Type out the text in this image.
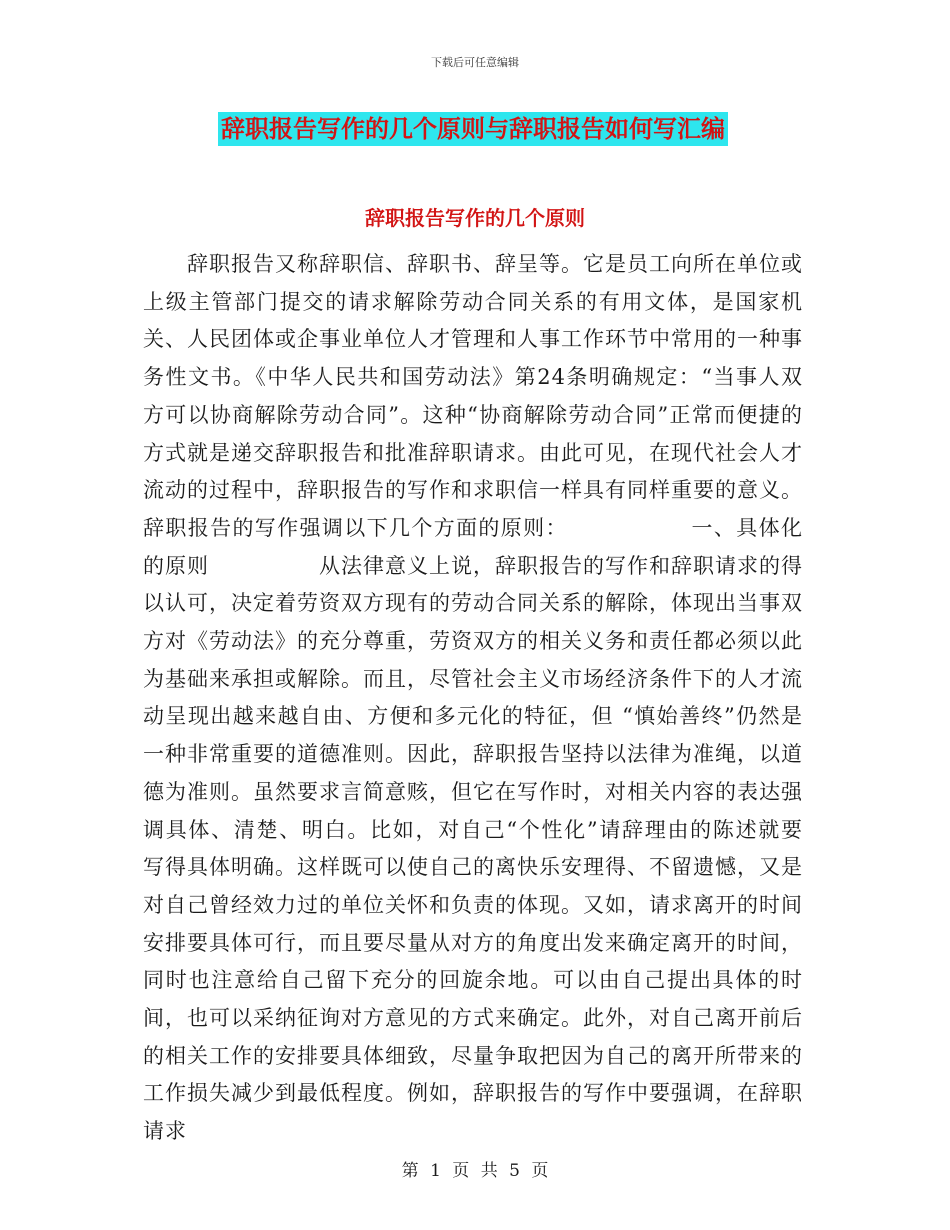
下载后可任意编辑
辞职报告写作的几个原则与辞职报告如何写汇编
辞职报告写作的几个原则

辞职报告又称辞职信、辞职书、辞呈等。它是员工向所在单位或上级主管部门提交的请求解除劳动合同关系的有用文体，是国家机关、人民团体或企事业单位人才管理和人事工作环节中常用的一种事务性文书。《中华人民共和国劳动法》第24条明确规定：“当事人双方可以协商解除劳动合同”。这种“协商解除劳动合同”正常而便捷的方式就是递交辞职报告和批准辞职请求。由此可见，在现代社会人才流动的过程中，辞职报告的写作和求职信一样具有同样重要的意义。

辞职报告的写作强调以下几个方面的原则：　　　　　　一、具体化的原则　　　　　从法律意义上说，辞职报告的写作和辞职请求的得以认可，决定着劳资双方现有的劳动合同关系的解除，体现出当事双方对《劳动法》的充分尊重，劳资双方的相关义务和责任都必须以此为基础来承担或解除。而且，尽管社会主义市场经济条件下的人才流动呈现出越来越自由、方便和多元化的特征，但 “慎始善终”仍然是一种非常重要的道德准则。因此，辞职报告坚持以法律为准绳，以道德为准则。虽然要求言简意赅，但它在写作时，对相关内容的表达强调具体、清楚、明白。比如，对自己“个性化”请辞理由的陈述就要写得具体明确。这样既可以使自己的离快乐安理得、不留遗憾，又是对自己曾经效力过的单位关怀和负责的体现。又如，请求离开的时间安排要具体可行，而且要尽量从对方的角度出发来确定离开的时间，同时也注意给自己留下充分的回旋余地。可以由自己提出具体的时间，也可以采纳征询对方意见的方式来确定。此外，对自己离开前后的相关工作的安排要具体细致，尽量争取把因为自己的离开所带来的工作损失减少到最低程度。例如，辞职报告的写作中要强调，在辞职请求

第 1 页 共 5 页
